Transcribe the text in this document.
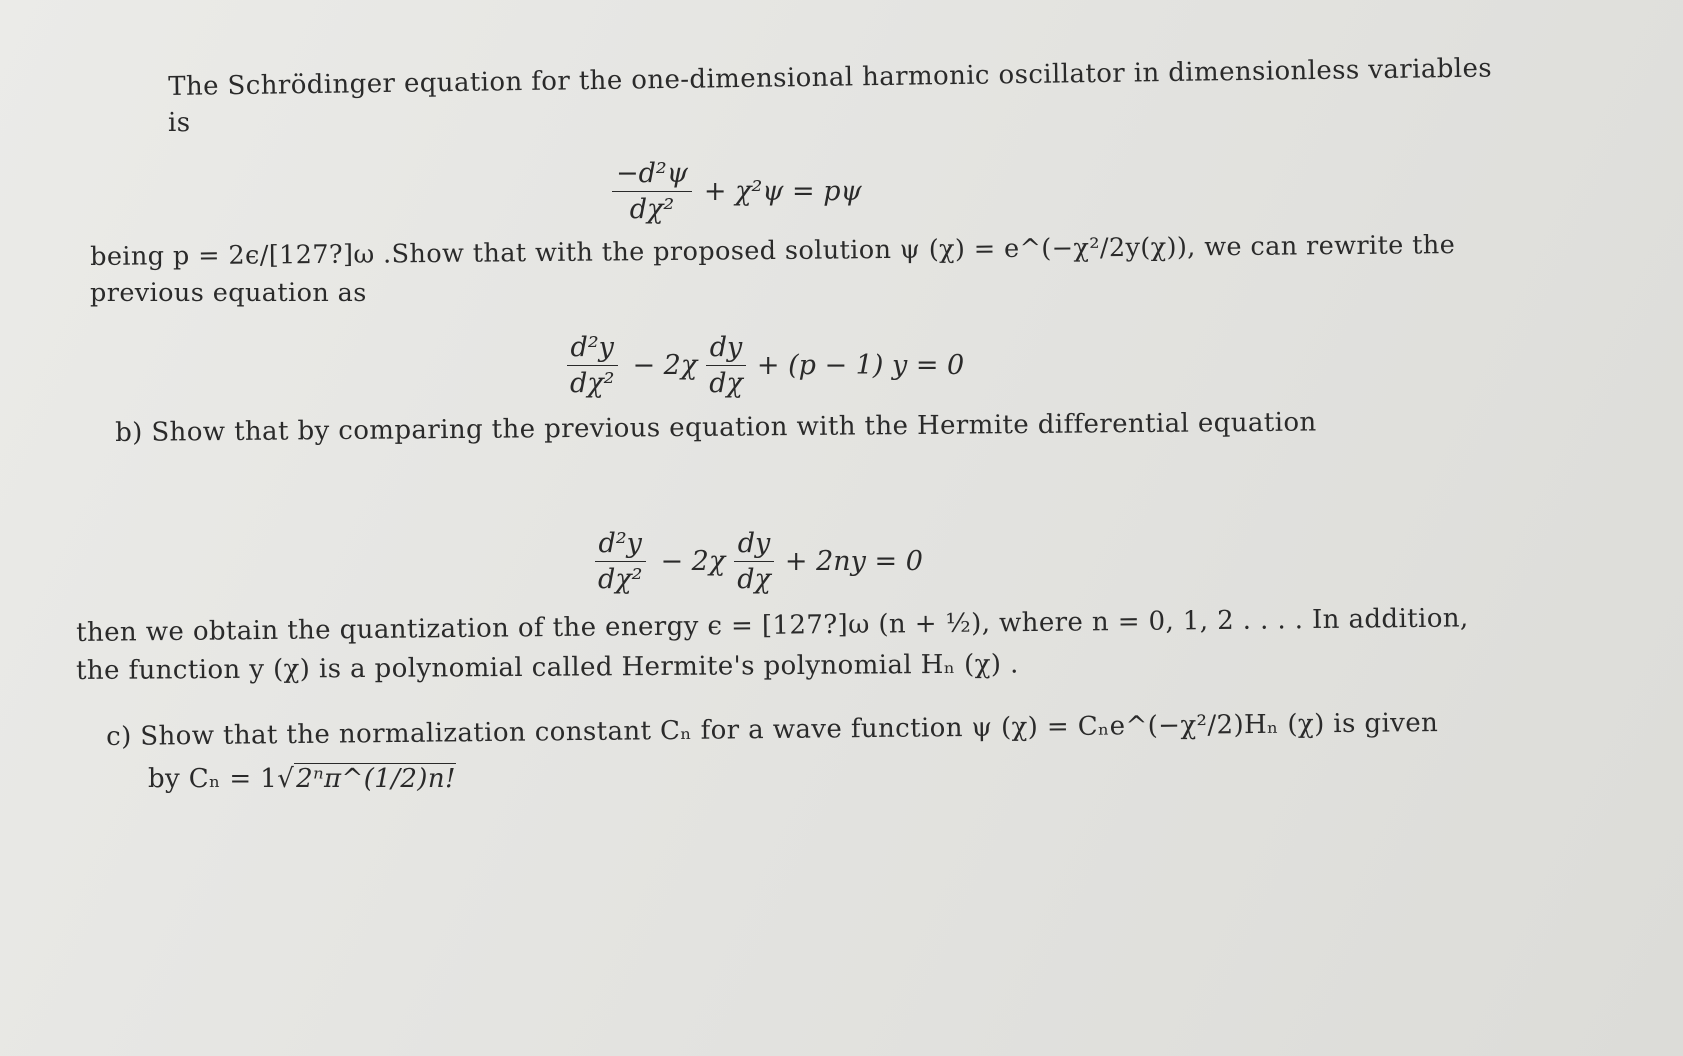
The Schrödinger equation for the one-dimensional harmonic oscillator in dimensionless variables
is
$\frac{\text{−d²ψ}}{\text{dχ²}} + \chi^2\psi = p\psi$
being p = 2ϵ/[127?]ω .Show that with the proposed solution ψ (χ) = e^(−χ²/2y(χ)), we can rewrite the
previous equation as
$\frac{\text{d²y}}{\text{dχ²}} - 2\chi \frac{dy}{d\chi} + (p - 1) y = 0$
b) Show that by comparing the previous equation with the Hermite differential equation
$\frac{\text{d²y}}{\text{dχ²}} - 2\chi \frac{dy}{d\chi} + 2ny = 0$
then we obtain the quantization of the energy ϵ = [127?]ω (n + ½), where n = 0, 1, 2 . . . . In addition,
the function y (χ) is a polynomial called Hermite's polynomial Hₙ (χ) .
c) Show that the normalization constant Cₙ for a wave function ψ (χ) = Cₙe^(−χ²/2)Hₙ (χ) is given
by Cₙ = 1√2ⁿπ^(1/2)n!
